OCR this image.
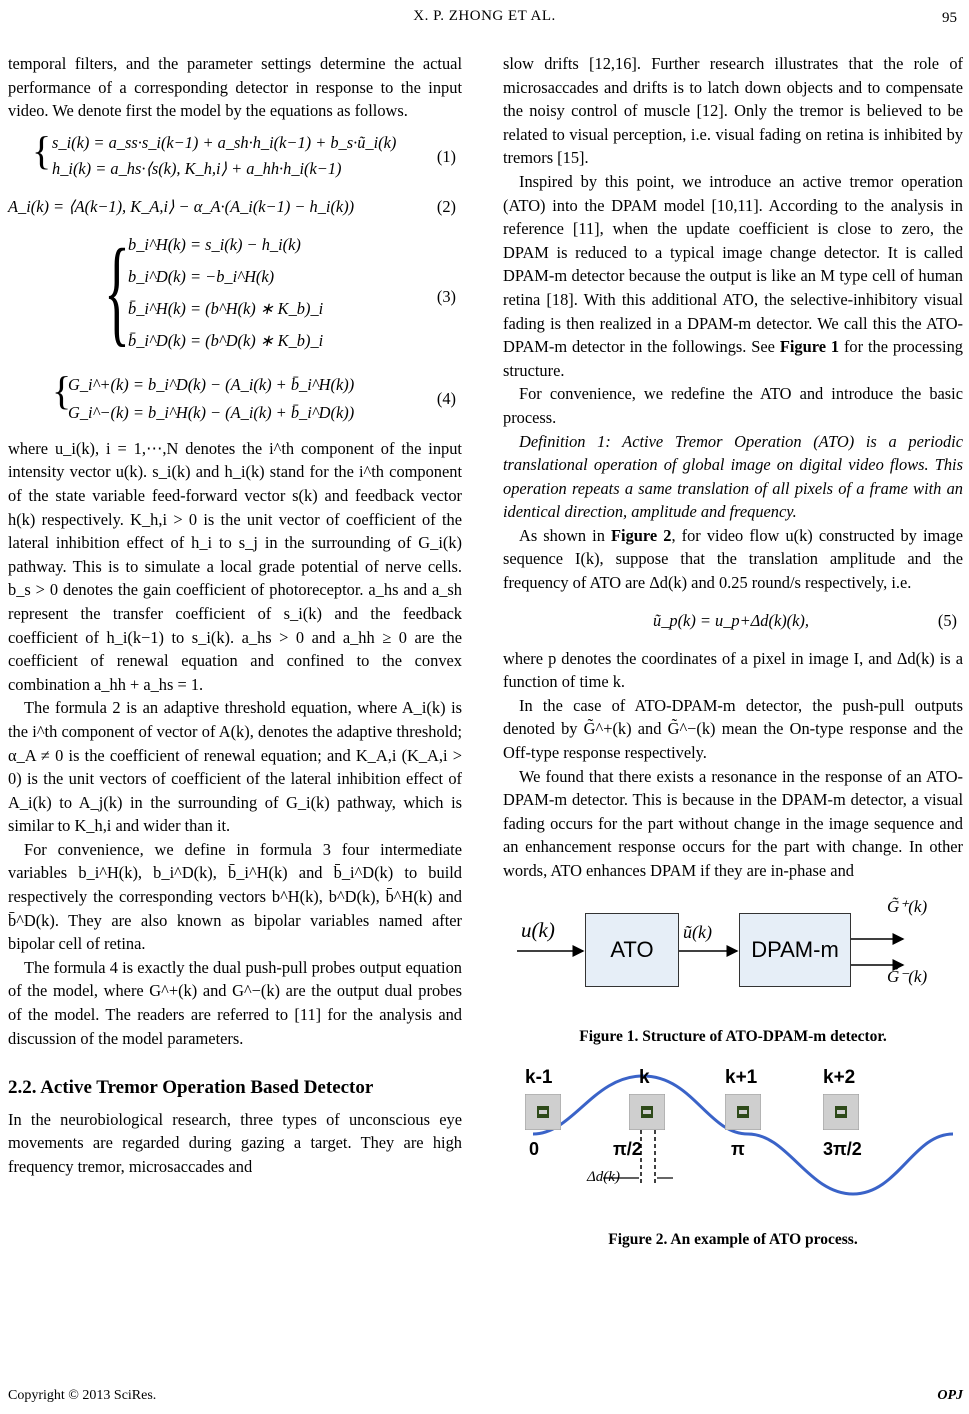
X. P. ZHONG ET AL.	95

temporal filters, and the parameter settings determine the actual performance of a corresponding detector in response to the input video. We denote first the model by the equations as follows.

{ s_i(k) = a_ss·s_i(k−1) + a_sh·h_i(k−1) + b_s·ũ_i(k)
h_i(k) = a_hs·⟨s(k), K_h,i⟩ + a_hh·h_i(k−1)
(1)
A_i(k) = ⟨A(k−1), K_A,i⟩ − α_A·(A_i(k−1) − h_i(k))	(2)
{
b_i^H(k) = s_i(k) − h_i(k)
b_i^D(k) = −b_i^H(k)
b̄_i^H(k) = (b^H(k) ∗ K_b)_i
b̄_i^D(k) = (b^D(k) ∗ K_b)_i
(3)
{
G_i^+(k) = b_i^D(k) − (A_i(k) + b̄_i^H(k))
G_i^−(k) = b_i^H(k) − (A_i(k) + b̄_i^D(k))
(4)

where u_i(k), i = 1,⋯,N denotes the i^th component of the input intensity vector u(k). s_i(k) and h_i(k) stand for the i^th component of the state variable feed-forward vector s(k) and feedback vector h(k) respectively. K_h,i > 0 is the unit vector of coefficient of the lateral inhibition effect of h_i to s_j in the surrounding of G_i(k) pathway. This is to simulate a local grade potential of nerve cells. b_s > 0 denotes the gain coefficient of photoreceptor. a_hs and a_sh represent the transfer coefficient of s_i(k) and the feedback coefficient of h_i(k−1) to s_i(k). a_hs > 0 and a_hh ≥ 0 are the coefficient of renewal equation and confined to the convex combination a_hh + a_hs = 1.

The formula 2 is an adaptive threshold equation, where A_i(k) is the i^th component of vector of A(k), denotes the adaptive threshold; α_A ≠ 0 is the coefficient of renewal equation; and K_A,i (K_A,i > 0) is the unit vectors of coefficient of the lateral inhibition effect of A_i(k) to A_j(k) in the surrounding of G_i(k) pathway, which is similar to K_h,i and wider than it.

For convenience, we define in formula 3 four intermediate variables b_i^H(k), b_i^D(k), b̄_i^H(k) and b̄_i^D(k) to build respectively the corresponding vectors b^H(k), b^D(k), b̄^H(k) and b̄^D(k). They are also known as bipolar variables named after bipolar cell of retina.

The formula 4 is exactly the dual push-pull probes output equation of the model, where G^+(k) and G^−(k) are the output dual probes of the model. The readers are referred to [11] for the analysis and discussion of the model parameters.

2.2. Active Tremor Operation Based Detector

In the neurobiological research, three types of unconscious eye movements are regarded during gazing a target. They are high frequency tremor, microsaccades and

slow drifts [12,16]. Further research illustrates that the role of microsaccades and drifts is to latch down objects and to compensate the noisy control of muscle [12]. Only the tremor is believed to be related to visual perception, i.e. visual fading on retina is inhibited by tremors [15].

Inspired by this point, we introduce an active tremor operation (ATO) into the DPAM model [10,11]. According to the analysis in reference [11], when the update coefficient is close to zero, the DPAM is reduced to a typical image change detector. It is called DPAM-m detector because the output is like an M type cell of human retina [18]. With this additional ATO, the selective-inhibitory visual fading is then realized in a DPAM-m detector. We call this the ATO-DPAM-m detector in the followings. See Figure 1 for the processing structure.

For convenience, we redefine the ATO and introduce the basic process.

Definition 1: Active Tremor Operation (ATO) is a periodic translational operation of global image on digital video flows. This operation repeats a same translation of all pixels of a frame with an identical direction, amplitude and frequency.

As shown in Figure 2, for video flow u(k) constructed by image sequence I(k), suppose that the translation amplitude and the frequency of ATO are Δd(k) and 0.25 round/s respectively, i.e.

ũ_p(k) = u_p+Δd(k)(k),	(5)

where p denotes the coordinates of a pixel in image I, and Δd(k) is a function of time k.

In the case of ATO-DPAM-m detector, the push-pull outputs denoted by G̃^+(k) and G̃^−(k) mean the On-type response and the Off-type response respectively.

We found that there exists a resonance in the response of an ATO-DPAM-m detector. This is because in the DPAM-m detector, a visual fading occurs for the part without change in the image sequence and an enhancement response occurs for the part with change. In other words, ATO enhances DPAM if they are in-phase and

u(k)
ATO
ũ(k)
DPAM-m
G̃⁺(k)
G̃⁻(k)
Figure 1. Structure of ATO-DPAM-m detector.
k-1	k	k+1	k+2
0	π/2	π	3π/2
Δd(k)
Figure 2. An example of ATO process.
Copyright © 2013 SciRes.	OPJ
